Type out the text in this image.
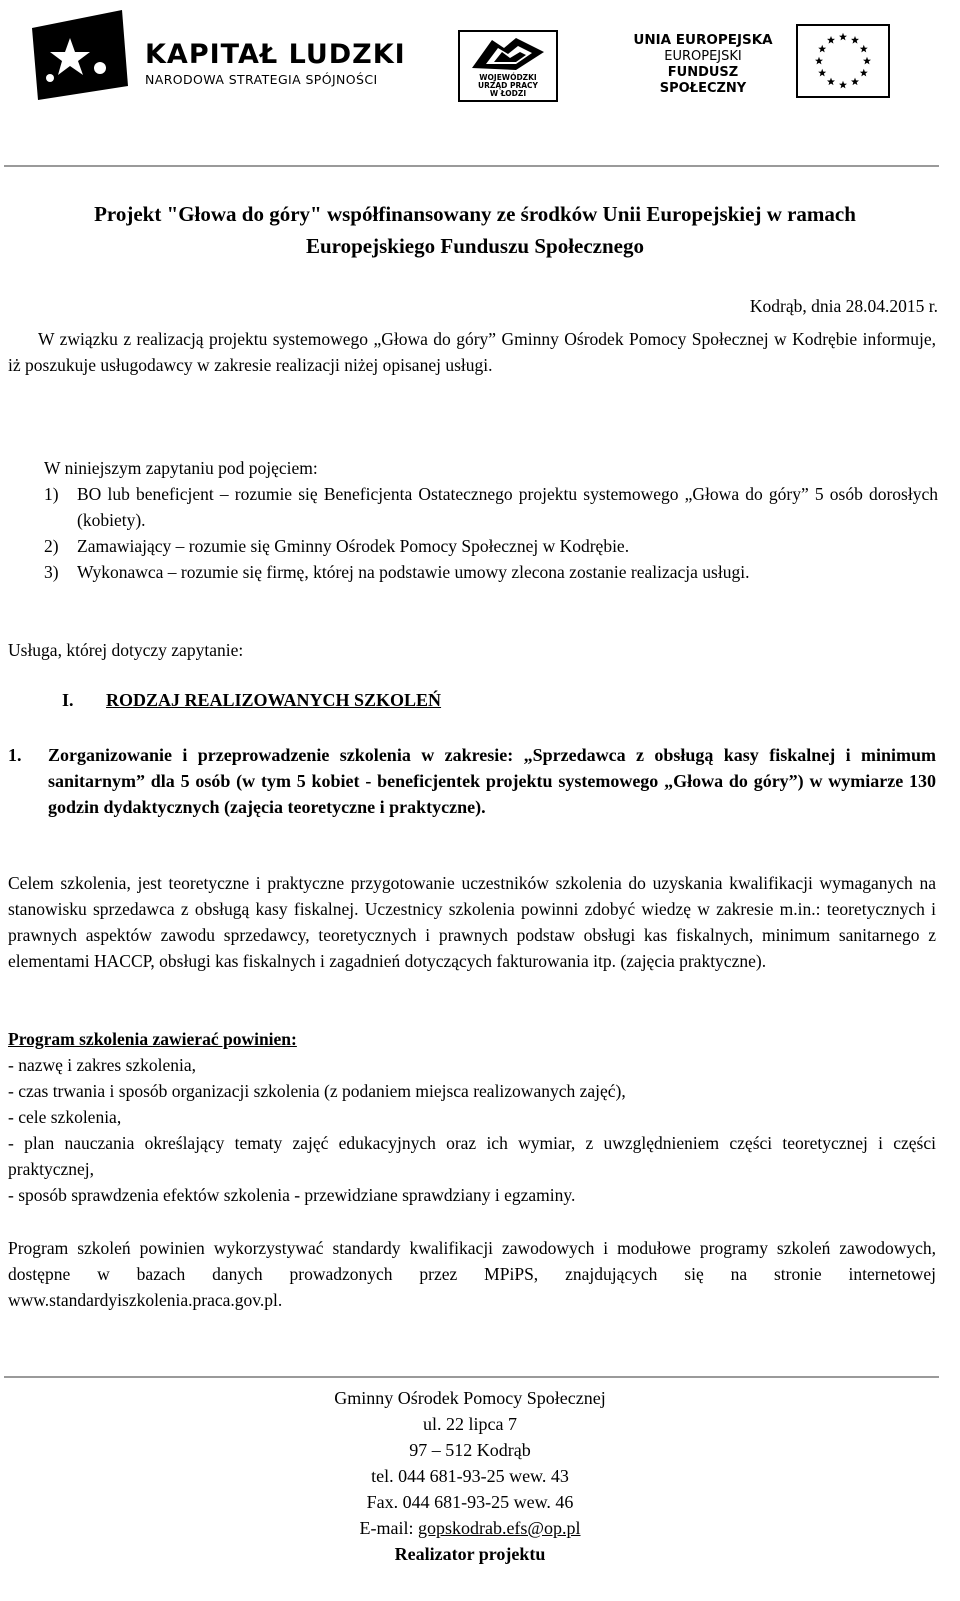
KAPITAŁ LUDZKI
NARODOWA STRATEGIA SPÓJNOŚCI	WOJEWÓDZKI
URZĄD PRACY
W ŁODZI
UNIA EUROPEJSKA
EUROPEJSKI
FUNDUSZ SPOŁECZNY
Projekt "Głowa do góry" współfinansowany ze środków Unii Europejskiej w ramach
Europejskiego Funduszu Społecznego
Kodrąb, dnia 28.04.2015 r.
W związku z realizacją projektu systemowego „Głowa do góry” Gminny Ośrodek Pomocy Społecznej w Kodrębie informuje, iż poszukuje usługodawcy w zakresie realizacji niżej opisanej usługi.
W niniejszym zapytaniu pod pojęciem:
1) BO lub beneficjent – rozumie się Beneficjenta Ostatecznego projektu systemowego „Głowa do góry” 5 osób dorosłych (kobiety).
2) Zamawiający – rozumie się Gminny Ośrodek Pomocy Społecznej w Kodrębie.
3) Wykonawca – rozumie się firmę, której na podstawie umowy zlecona zostanie realizacja usługi.
Usługa, której dotyczy zapytanie:
I. RODZAJ REALIZOWANYCH SZKOLEŃ
1. Zorganizowanie i przeprowadzenie szkolenia w zakresie: „Sprzedawca z obsługą kasy fiskalnej i minimum sanitarnym” dla 5 osób (w tym 5 kobiet - beneficjentek projektu systemowego „Głowa do góry”) w wymiarze 130 godzin dydaktycznych (zajęcia teoretyczne i praktyczne).
Celem szkolenia, jest teoretyczne i praktyczne przygotowanie uczestników szkolenia do uzyskania kwalifikacji wymaganych na stanowisku sprzedawca z obsługą kasy fiskalnej. Uczestnicy szkolenia powinni zdobyć wiedzę w zakresie m.in.: teoretycznych i prawnych aspektów zawodu sprzedawcy, teoretycznych i prawnych podstaw obsługi kas fiskalnych, minimum sanitarnego z elementami HACCP, obsługi kas fiskalnych i zagadnień dotyczących fakturowania itp. (zajęcia praktyczne).
Program szkolenia zawierać powinien:
- nazwę i zakres szkolenia,
- czas trwania i sposób organizacji szkolenia (z podaniem miejsca realizowanych zajęć),
- cele szkolenia,
- plan nauczania określający tematy zajęć edukacyjnych oraz ich wymiar, z uwzględnieniem części teoretycznej i części praktycznej,
- sposób sprawdzenia efektów szkolenia - przewidziane sprawdziany i egzaminy.
Program szkoleń powinien wykorzystywać standardy kwalifikacji zawodowych i modułowe programy szkoleń zawodowych, dostępne w bazach danych prowadzonych przez MPiPS, znajdujących się na stronie internetowej www.standardyiszkolenia.praca.gov.pl.
Gminny Ośrodek Pomocy Społecznej
ul. 22 lipca 7
97 – 512 Kodrąb
tel. 044 681-93-25 wew. 43
Fax. 044 681-93-25 wew. 46
E-mail: gopskodrab.efs@op.pl
Realizator projektu
